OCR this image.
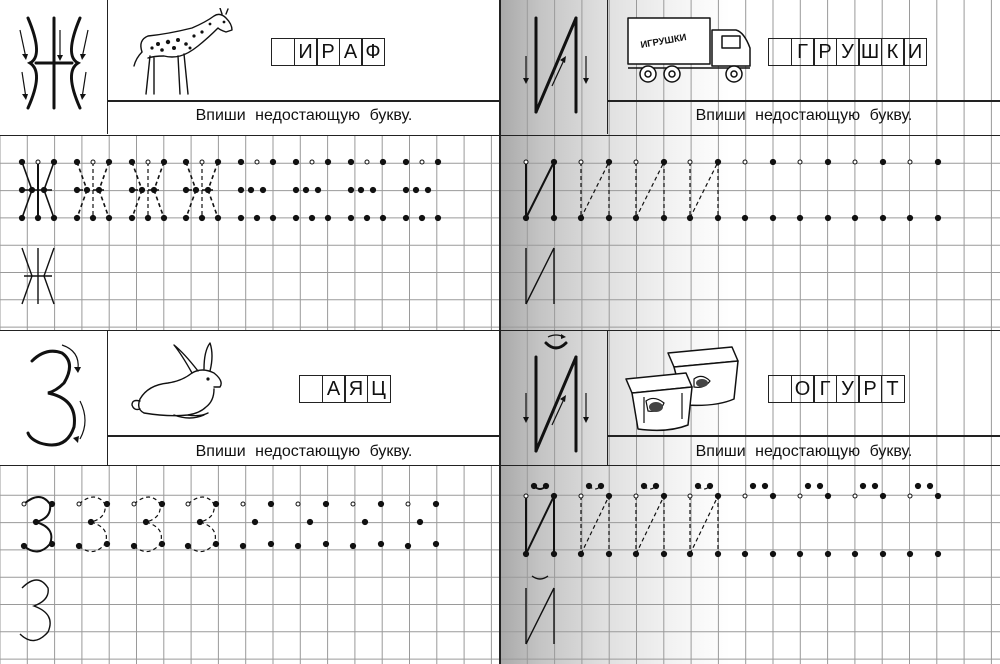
И Р А Ф
Впиши недостающую букву.
А Я Ц
Впиши недостающую букву.
ИГРУШКИ	Г Р У Ш К И
Впиши недостающую букву.
О Г У Р Т
Впиши недостающую букву.
